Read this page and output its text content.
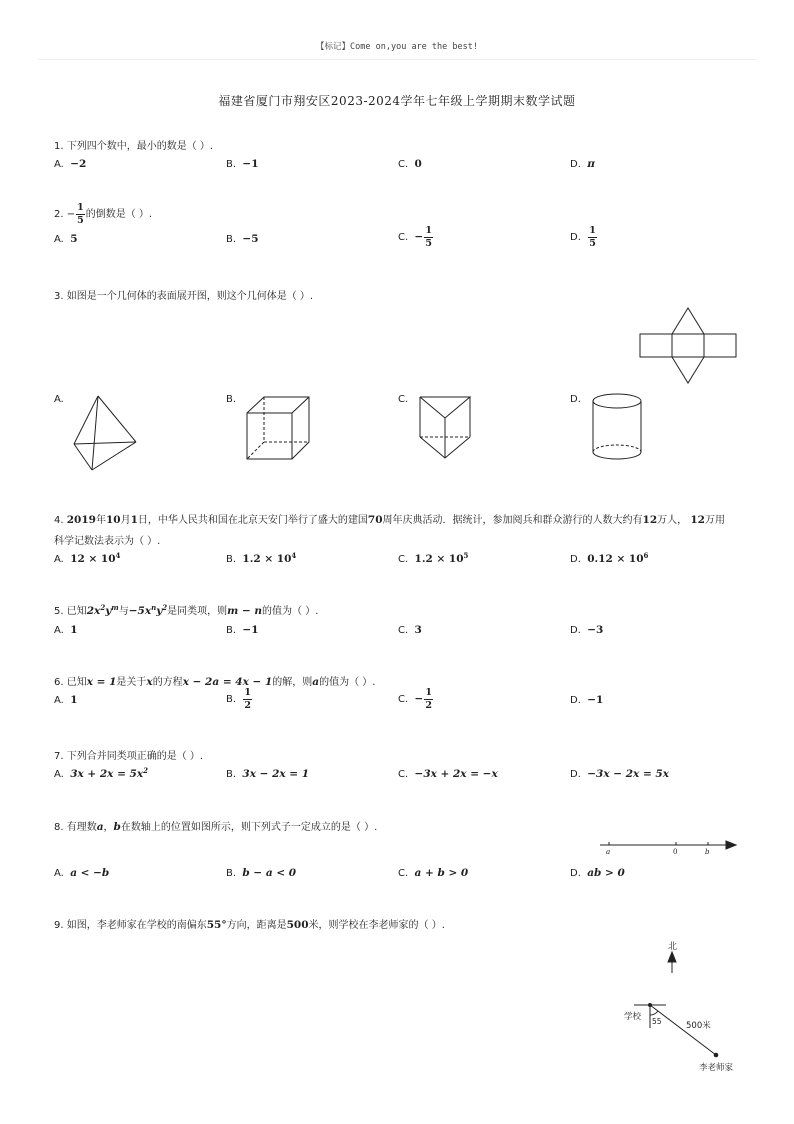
【标记】Come on,you are the best!
福建省厦门市翔安区2023-2024学年七年级上学期期末数学试题
1. 下列四个数中，最小的数是（ ）.
A. −2	B. −1	C. 0	D. π
2. − $\frac{1}{5}$ 的倒数是（ ）.
A. 5	B. −5	C. − $\frac{1}{5}$	D. $\frac{1}{5}$
3. 如图是一个几何体的表面展开图，则这个几何体是（ ）.
A.	B.	C.	D.
4. 2019年10月1日，中华人民共和国在北京天安门举行了盛大的建国70周年庆典活动．据统计，参加阅兵和群众游行的人数大约有12万人， 12万用
科学记数法表示为（ ）.
A. $12 \times 10^4$	B. $1.2 \times 10^4$	C. $1.2 \times 10^5$	D. $0.12 \times 10^6$
5. 已知$2x^2y^m$与$-5x^ny^2$是同类项，则m − n的值为（ ）.
A. 1	B. −1	C. 3	D. −3
6. 已知x = 1是关于x的方程x − 2a = 4x − 1的解，则a的值为（ ）.
A. 1	B. $\frac{1}{2}$	C. − $\frac{1}{2}$	D. −1
7. 下列合并同类项正确的是（ ）.
A. $3x + 2x = 5x^2$	B. 3x − 2x = 1	C. −3x + 2x = −x	D. −3x − 2x = 5x
8. 有理数a，b在数轴上的位置如图所示，则下列式子一定成立的是（ ）.
a	0	b
A. a < −b	B. b − a < 0	C. a + b > 0	D. ab > 0
9. 如图，李老师家在学校的南偏东55°方向，距离是500米，则学校在李老师家的（ ）.
北
学校 55	500米
李老师家
